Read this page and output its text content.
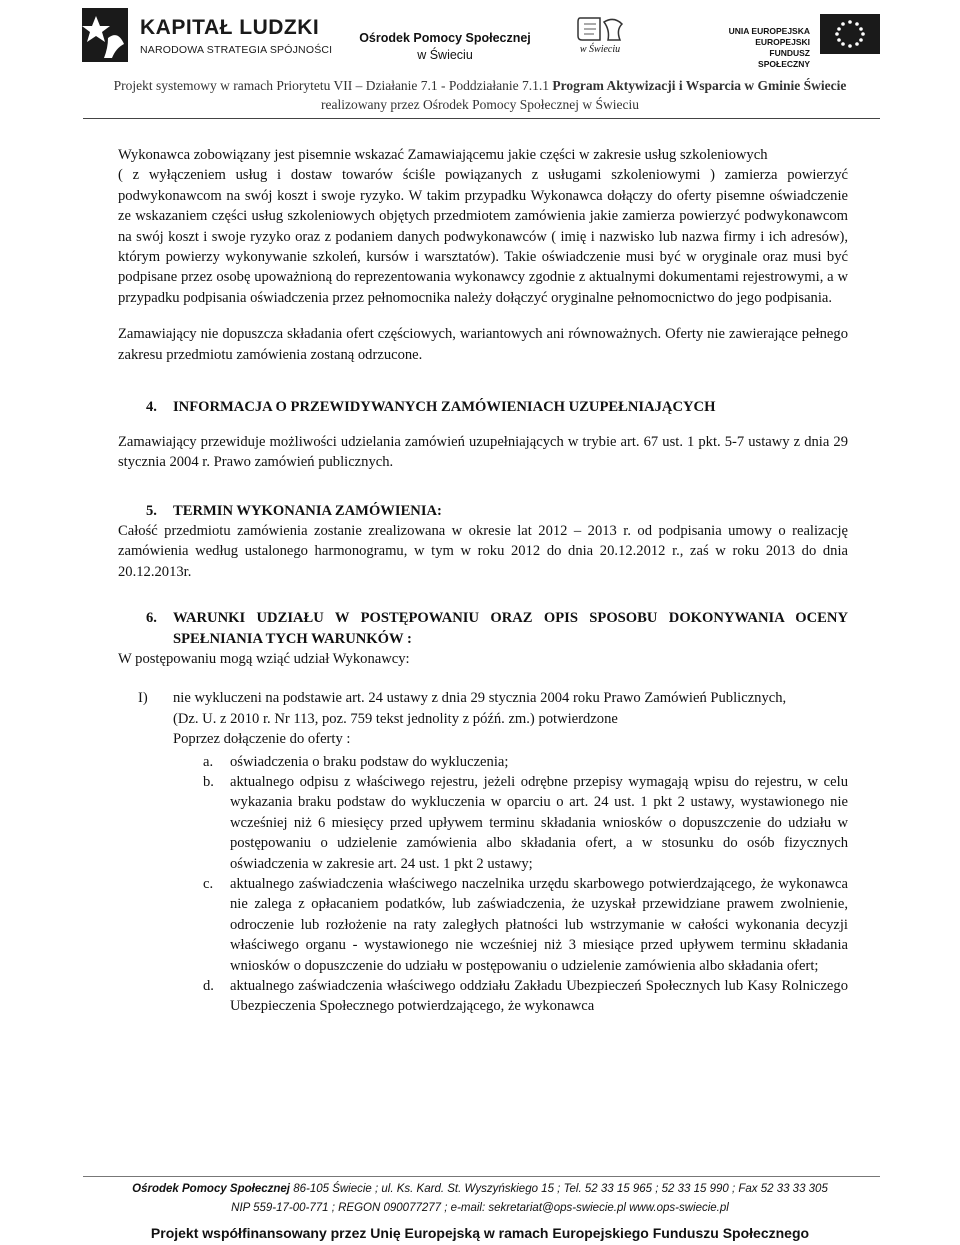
KAPITAŁ LUDZKI
NARODOWA STRATEGIA SPÓJNOŚCI
Ośrodek Pomocy Społecznej
w Świeciu	w Świeciu
UNIA EUROPEJSKA
EUROPEJSKI
FUNDUSZ SPOŁECZNY
Projekt systemowy w ramach Priorytetu VII – Działanie 7.1 - Poddziałanie 7.1.1 Program Aktywizacji i Wsparcia w Gminie Świecie
realizowany przez Ośrodek Pomocy Społecznej w Świeciu

Wykonawca zobowiązany jest pisemnie wskazać Zamawiającemu jakie części w zakresie usług szkoleniowych

( z wyłączeniem usług i dostaw towarów ściśle powiązanych z usługami szkoleniowymi ) zamierza powierzyć podwykonawcom na swój koszt i swoje ryzyko. W takim przypadku Wykonawca dołączy do oferty pisemne oświadczenie ze wskazaniem części usług szkoleniowych objętych przedmiotem zamówienia jakie zamierza powierzyć podwykonawcom na swój koszt i swoje ryzyko oraz z podaniem danych podwykonawców ( imię i nazwisko lub nazwa firmy i ich adresów), którym powierzy wykonywanie szkoleń, kursów i warsztatów). Takie oświadczenie musi być w oryginale oraz musi być podpisane przez osobę upoważnioną do reprezentowania wykonawcy zgodnie z aktualnymi dokumentami rejestrowymi, a w przypadku podpisania oświadczenia przez pełnomocnika należy dołączyć oryginalne pełnomocnictwo do jego podpisania.

Zamawiający nie dopuszcza składania ofert częściowych, wariantowych ani równoważnych. Oferty nie zawierające pełnego zakresu przedmiotu zamówienia zostaną odrzucone.

4. INFORMACJA O PRZEWIDYWANYCH ZAMÓWIENIACH UZUPEŁNIAJĄCYCH

Zamawiający przewiduje możliwości udzielania zamówień uzupełniających w trybie art. 67 ust. 1 pkt. 5-7 ustawy z dnia 29 stycznia 2004 r. Prawo zamówień publicznych.

5. TERMIN WYKONANIA ZAMÓWIENIA:

Całość przedmiotu zamówienia zostanie zrealizowana w okresie lat 2012 – 2013 r. od podpisania umowy o realizację zamówienia według ustalonego harmonogramu, w tym w roku 2012 do dnia 20.12.2012 r., zaś w roku 2013 do dnia 20.12.2013r.

6. WARUNKI UDZIAŁU W POSTĘPOWANIU ORAZ OPIS SPOSOBU DOKONYWANIA OCENY SPEŁNIANIA TYCH WARUNKÓW :

W postępowaniu mogą wziąć udział Wykonawcy:

I) nie wykluczeni na podstawie art. 24 ustawy z dnia 29 stycznia 2004 roku Prawo Zamówień Publicznych, (Dz. U. z 2010 r. Nr 113, poz. 759 tekst jednolity z późń. zm.) potwierdzone
Poprzez dołączenie do oferty :
a. oświadczenia o braku podstaw do wykluczenia;
b. aktualnego odpisu z właściwego rejestru, jeżeli odrębne przepisy wymagają wpisu do rejestru, w celu wykazania braku podstaw do wykluczenia w oparciu o art. 24 ust. 1 pkt 2 ustawy, wystawionego nie wcześniej niż 6 miesięcy przed upływem terminu składania wniosków o dopuszczenie do udziału w postępowaniu o udzielenie zamówienia albo składania ofert, a w stosunku do osób fizycznych oświadczenia w zakresie art. 24 ust. 1 pkt 2 ustawy;
c. aktualnego zaświadczenia właściwego naczelnika urzędu skarbowego potwierdzającego, że wykonawca nie zalega z opłacaniem podatków, lub zaświadczenia, że uzyskał przewidziane prawem zwolnienie, odroczenie lub rozłożenie na raty zaległych płatności lub wstrzymanie w całości wykonania decyzji właściwego organu - wystawionego nie wcześniej niż 3 miesiące przed upływem terminu składania wniosków o dopuszczenie do udziału w postępowaniu o udzielenie zamówienia albo składania ofert;
d. aktualnego zaświadczenia właściwego oddziału Zakładu Ubezpieczeń Społecznych lub Kasy Rolniczego Ubezpieczenia Społecznego potwierdzającego, że wykonawca
Ośrodek Pomocy Społecznej 86-105 Świecie ; ul. Ks. Kard. St. Wyszyńskiego 15 ; Tel. 52 33 15 965 ; 52 33 15 990 ; Fax 52 33 33 305
NIP 559-17-00-771 ; REGON 090077277 ; e-mail: sekretariat@ops-swiecie.pl www.ops-swiecie.pl
Projekt współfinansowany przez Unię Europejską w ramach Europejskiego Funduszu Społecznego
